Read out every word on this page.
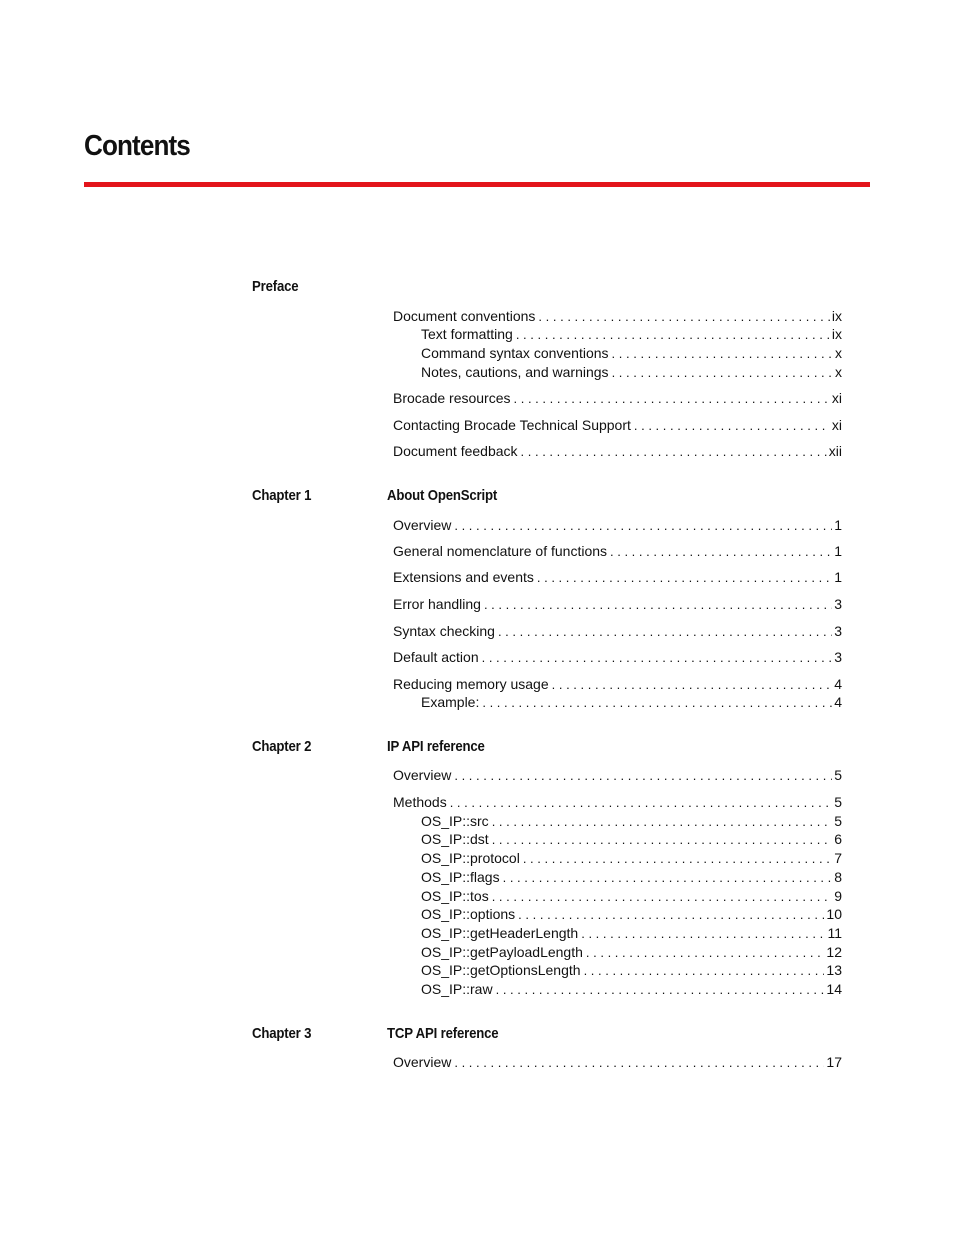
Contents
Preface
Document conventions . . .	ix
Text formatting . . .	ix
Command syntax conventions . . .	x
Notes, cautions, and warnings . . .	x
Brocade resources . . .	xi
Contacting Brocade Technical Support . . .	xi
Document feedback . . .	xii
Chapter 1	About OpenScript
Overview . . .	1
General nomenclature of functions . . .	1
Extensions and events . . .	1
Error handling . . .	3
Syntax checking . . .	3
Default action . . .	3
Reducing memory usage . . .	4
Example: . . .	4
Chapter 2	IP API reference
Overview . . .	5
Methods . . .	5
OS_IP::src . . .	5
OS_IP::dst . . .	6
OS_IP::protocol . . .	7
OS_IP::flags . . .	8
OS_IP::tos . . .	9
OS_IP::options . . .	10
OS_IP::getHeaderLength . . .	11
OS_IP::getPayloadLength . . .	12
OS_IP::getOptionsLength . . .	13
OS_IP::raw . . .	14
Chapter 3	TCP API reference
Overview . . .	17
